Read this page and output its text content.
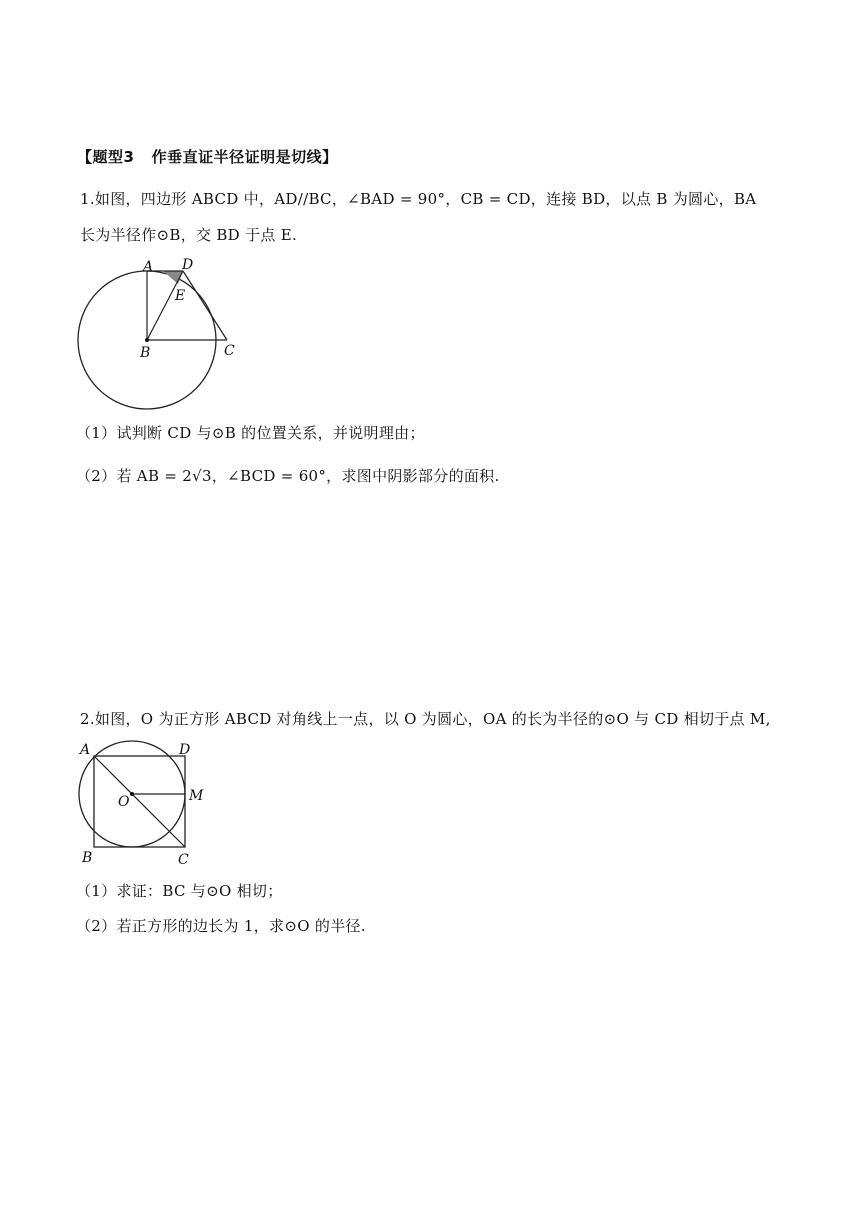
【题型3   作垂直证半径证明是切线】
1.如图，四边形 ABCD 中，AD//BC，∠BAD = 90°，CB = CD，连接 BD，以点 B 为圆心，BA
长为半径作⊙B，交 BD 于点 E.
A D
E
B	C
（1）试判断 CD 与⊙B 的位置关系，并说明理由；
（2）若 AB = 2√3，∠BCD = 60°，求图中阴影部分的面积.
2.如图，O 为正方形 ABCD 对角线上一点，以 O 为圆心，OA 的长为半径的⊙O 与 CD 相切于点 M,
A	D
O	M
B	C
（1）求证：BC 与⊙O 相切；
（2）若正方形的边长为 1，求⊙O 的半径.
